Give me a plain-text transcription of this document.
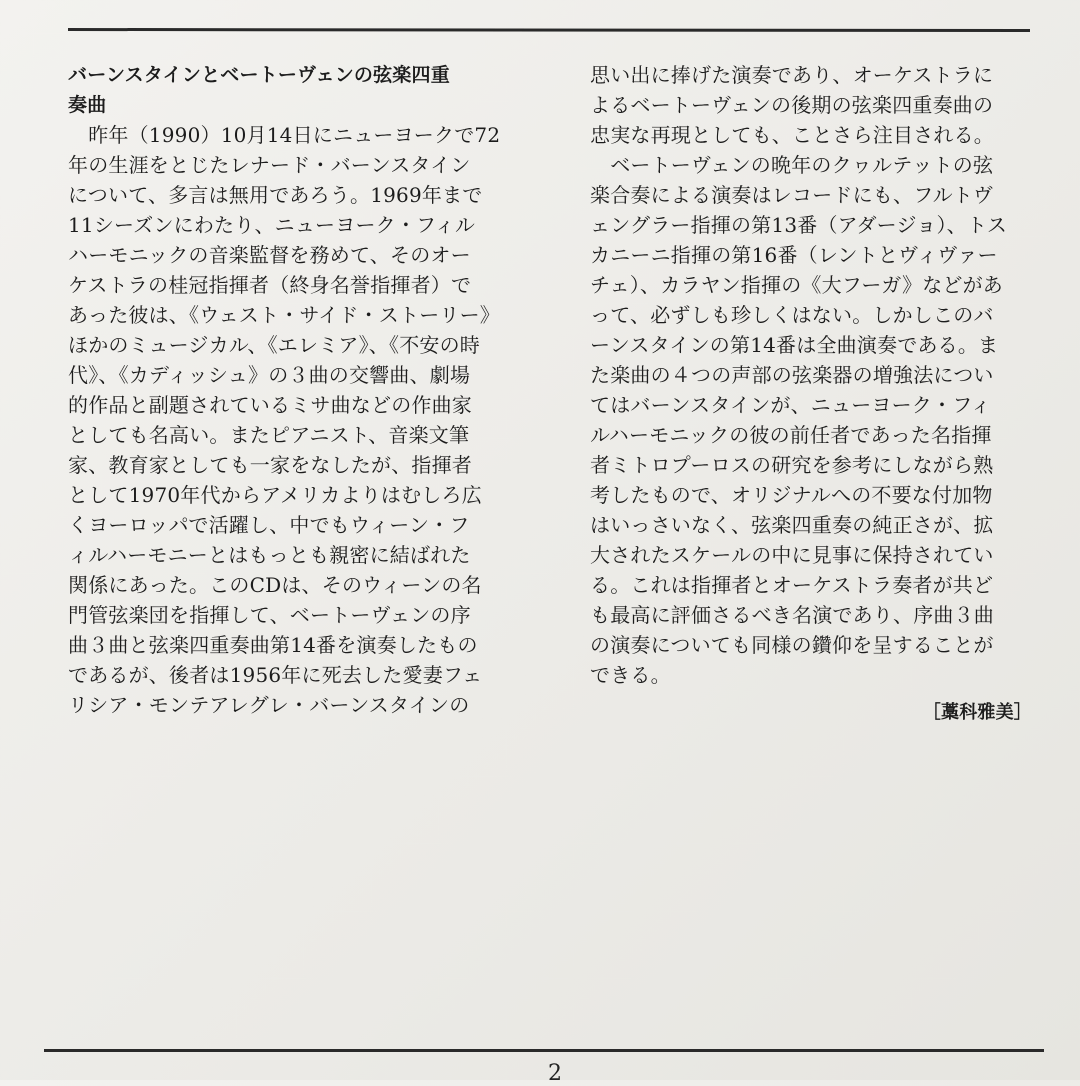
バーンスタインとベートーヴェンの弦楽四重
奏曲
　昨年（1990）10月14日にニューヨークで72
年の生涯をとじたレナード・バーンスタイン
について、多言は無用であろう。1969年まで
11シーズンにわたり、ニューヨーク・フィル
ハーモニックの音楽監督を務めて、そのオー
ケストラの桂冠指揮者（終身名誉指揮者）で
あった彼は、《ウェスト・サイド・ストーリー》
ほかのミュージカル、《エレミア》、《不安の時
代》、《カディッシュ》の３曲の交響曲、劇場
的作品と副題されているミサ曲などの作曲家
としても名高い。またピアニスト、音楽文筆
家、教育家としても一家をなしたが、指揮者
として1970年代からアメリカよりはむしろ広
くヨーロッパで活躍し、中でもウィーン・フ
ィルハーモニーとはもっとも親密に結ばれた
関係にあった。このCDは、そのウィーンの名
門管弦楽団を指揮して、ベートーヴェンの序
曲３曲と弦楽四重奏曲第14番を演奏したもの
であるが、後者は1956年に死去した愛妻フェ
リシア・モンテアレグレ・バーンスタインの
思い出に捧げた演奏であり、オーケストラに
よるベートーヴェンの後期の弦楽四重奏曲の
忠実な再現としても、ことさら注目される。
　ベートーヴェンの晩年のクヮルテットの弦
楽合奏による演奏はレコードにも、フルトヴ
ェングラー指揮の第13番（アダージョ）、トス
カニーニ指揮の第16番（レントとヴィヴァー
チェ）、カラヤン指揮の《大フーガ》などがあ
って、必ずしも珍しくはない。しかしこのバ
ーンスタインの第14番は全曲演奏である。ま
た楽曲の４つの声部の弦楽器の増強法につい
てはバーンスタインが、ニューヨーク・フィ
ルハーモニックの彼の前任者であった名指揮
者ミトロプーロスの研究を参考にしながら熟
考したもので、オリジナルへの不要な付加物
はいっさいなく、弦楽四重奏の純正さが、拡
大されたスケールの中に見事に保持されてい
る。これは指揮者とオーケストラ奏者が共ど
も最高に評価さるべき名演であり、序曲３曲
の演奏についても同様の鑽仰を呈することが
できる。
［藁科雅美］
2
